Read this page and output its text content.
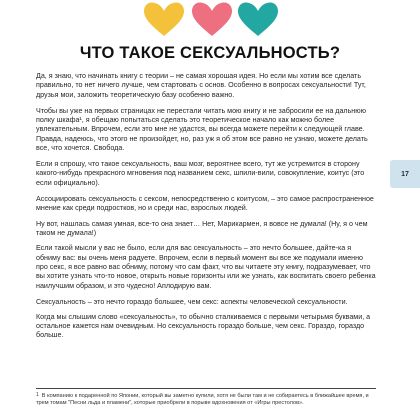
ЧТО ТАКОЕ СЕКСУАЛЬНОСТЬ?

Да, я знаю, что начинать книгу с теории – не самая хорошая идея. Но если мы хотим все сделать правильно, то нет ничего лучше, чем стартовать с основ. Особенно в вопросах сексуальности! Тут, друзья мои, заложить теоретическую базу особенно важно.

Чтобы вы уже на первых страницах не перестали читать мою книгу и не забросили ее на дальнюю полку шкафа¹, я обещаю попытаться сделать это теоретическое начало как можно более увлекательным. Впрочем, если это мне не удастся, вы всегда можете перейти к следующей главе. Правда, надеюсь, что этого не произойдет, но, раз уж я об этом все равно не узнаю, можете делать все, что хочется. Свобода.

Если я спрошу, что такое сексуальность, ваш мозг, вероятнее всего, тут же устремится в сторону какого-нибудь прекрасного мгновения под названием секс, шпили-вили, совокупление, коитус (это если официально).

Ассоциировать сексуальность с сексом, непосредственно с коитусом, – это самое распространенное мнение как среди подростков, но и среди нас, взрослых людей.

Ну вот, нашлась самая умная, все-то она знает… Нет, Марикармен, я вовсе не думала! (Ну, я о чем таком не думала!)

Если такой мысли у вас не было, если для вас сексуальность – это нечто большее, дайте-ка я обниму вас: вы очень меня радуете. Впрочем, если в первый момент вы все же подумали именно про секс, я все равно вас обниму, потому что сам факт, что вы читаете эту книгу, подразумевает, что вы хотите узнать что-то новое, открыть новые горизонты или же узнать, как воспитать своего ребенка наилучшим образом, и это чудесно! Аплодирую вам.

Сексуальность – это нечто гораздо большее, чем секс: аспекты человеческой сексуальности.

Когда мы слышим слово «сексуальность», то обычно сталкиваемся с первыми четырьмя буквами, а остальное кажется нам очевидным. Но сексуальность гораздо больше, чем секс. Гораздо, гораздо больше.

17
1 В компанию к подаренной по Японии, который вы заметно купили, хотя не были там и не собираетесь в ближайшее время, и трем томам "Песни льда и пламени", которые приобрели в порыве вдохновения от «Игры престолов».
